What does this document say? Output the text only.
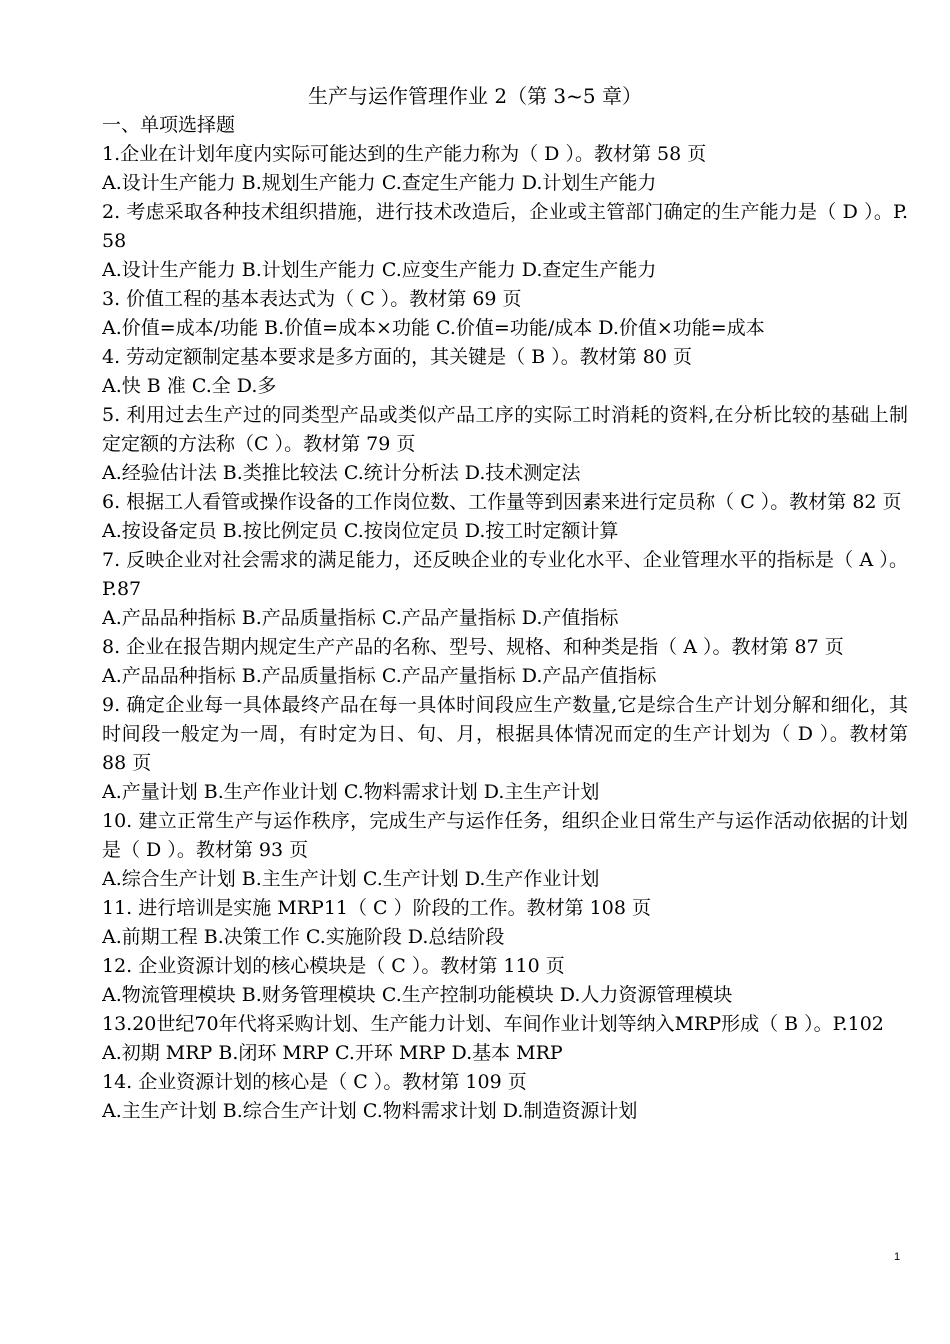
生产与运作管理作业 2（第 3~5 章）

一、单项选择题

1.企业在计划年度内实际可能达到的生产能力称为（ D ）。教材第 58 页

A.设计生产能力 B.规划生产能力 C.查定生产能力 D.计划生产能力

2. 考虑采取各种技术组织措施，进行技术改造后，企业或主管部门确定的生产能力是（ D ）。P. 58

A.设计生产能力 B.计划生产能力 C.应变生产能力 D.查定生产能力

3. 价值工程的基本表达式为（ C ）。教材第 69 页

A.价值=成本/功能 B.价值=成本×功能 C.价值=功能/成本 D.价值×功能=成本

4. 劳动定额制定基本要求是多方面的，其关键是（ B ）。教材第 80 页

A.快 B 准 C.全 D.多

5. 利用过去生产过的同类型产品或类似产品工序的实际工时消耗的资料,在分析比较的基础上制定定额的方法称（C ）。教材第 79 页

A.经验估计法 B.类推比较法 C.统计分析法 D.技术测定法

6. 根据工人看管或操作设备的工作岗位数、工作量等到因素来进行定员称（ C ）。教材第 82 页

A.按设备定员 B.按比例定员 C.按岗位定员 D.按工时定额计算

7. 反映企业对社会需求的满足能力，还反映企业的专业化水平、企业管理水平的指标是（ A ）。P.87

A.产品品种指标 B.产品质量指标 C.产品产量指标 D.产值指标

8. 企业在报告期内规定生产产品的名称、型号、规格、和种类是指（ A ）。教材第 87 页

A.产品品种指标 B.产品质量指标 C.产品产量指标 D.产品产值指标

9. 确定企业每一具体最终产品在每一具体时间段应生产数量,它是综合生产计划分解和细化，其时间段一般定为一周，有时定为日、旬、月，根据具体情况而定的生产计划为（ D ）。教材第 88 页

A.产量计划 B.生产作业计划 C.物料需求计划 D.主生产计划

10. 建立正常生产与运作秩序，完成生产与运作任务，组织企业日常生产与运作活动依据的计划是（ D ）。教材第 93 页

A.综合生产计划 B.主生产计划 C.生产计划 D.生产作业计划

11. 进行培训是实施 MRP11（ C ）阶段的工作。教材第 108 页

A.前期工程 B.决策工作 C.实施阶段 D.总结阶段

12. 企业资源计划的核心模块是（ C ）。教材第 110 页

A.物流管理模块 B.财务管理模块 C.生产控制功能模块 D.人力资源管理模块

13.20世纪70年代将采购计划、生产能力计划、车间作业计划等纳入MRP形成（ B ）。P.102

A.初期 MRP B.闭环 MRP C.开环 MRP D.基本 MRP

14. 企业资源计划的核心是（ C ）。教材第 109 页

A.主生产计划 B.综合生产计划 C.物料需求计划 D.制造资源计划

1
